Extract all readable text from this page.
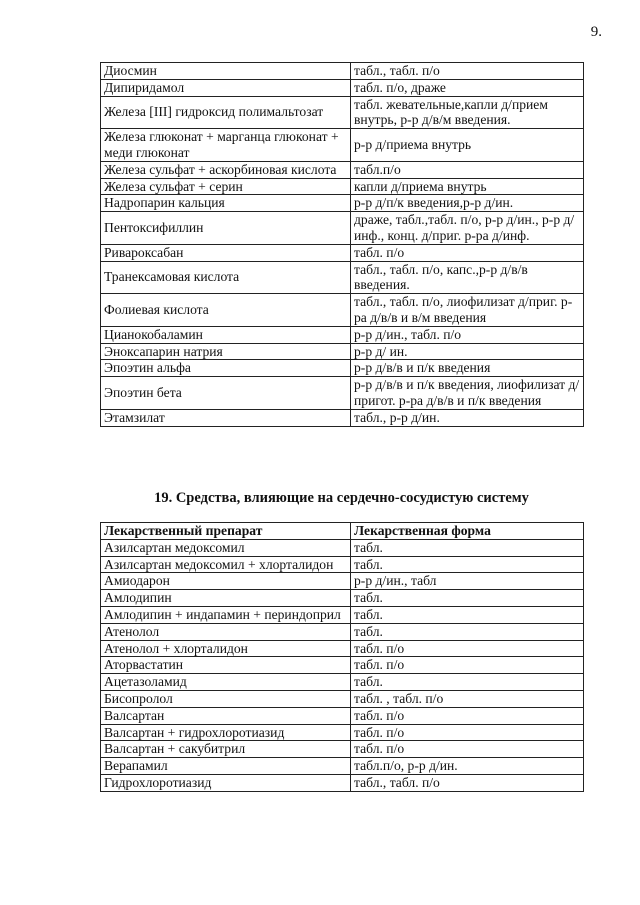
9.
Диосмин	табл., табл. п/о
Дипиридамол	табл. п/о, драже
Железа [III] гидроксид полимальтозат	табл. жевательные,капли д/прием внутрь, р-р д/в/м введения.
Железа глюконат + марганца глюконат + меди глюконат	р-р д/приема внутрь
Железа сульфат + аскорбиновая кислота	табл.п/о
Железа сульфат + серин	капли д/приема внутрь
Надропарин кальция	р-р д/п/к введения,р-р д/ин.
Пентоксифиллин	драже, табл.,табл. п/о, р-р д/ин., р-р д/инф., конц. д/приг. р-ра д/инф.
Ривароксабан	табл. п/о
Транексамовая кислота	табл., табл. п/о, капс.,р-р д/в/в введения.
Фолиевая кислота	табл., табл. п/о, лиофилизат д/приг. р-ра д/в/в и в/м введения
Цианокобаламин	р-р д/ин., табл. п/о
Эноксапарин натрия	р-р д/ ин.
Эпоэтин альфа	р-р д/в/в и п/к введения
Эпоэтин бета	р-р д/в/в и п/к введения, лиофилизат д/пригот. р-ра д/в/в и п/к введения
Этамзилат	табл., р-р д/ин.
19. Средства, влияющие на сердечно-сосудистую систему
Лекарственный препарат	Лекарственная форма
Азилсартан медоксомил	табл.
Азилсартан медоксомил + хлорталидон	табл.
Амиодарон	р-р д/ин., табл
Амлодипин	табл.
Амлодипин + индапамин + периндоприл	табл.
Атенолол	табл.
Атенолол + хлорталидон	табл. п/о
Аторвастатин	табл. п/о
Ацетазоламид	табл.
Бисопролол	табл. , табл. п/о
Валсартан	табл. п/о
Валсартан + гидрохлоротиазид	табл. п/о
Валсартан + сакубитрил	табл. п/о
Верапамил	табл.п/о, р-р д/ин.
Гидрохлоротиазид	табл., табл. п/о
